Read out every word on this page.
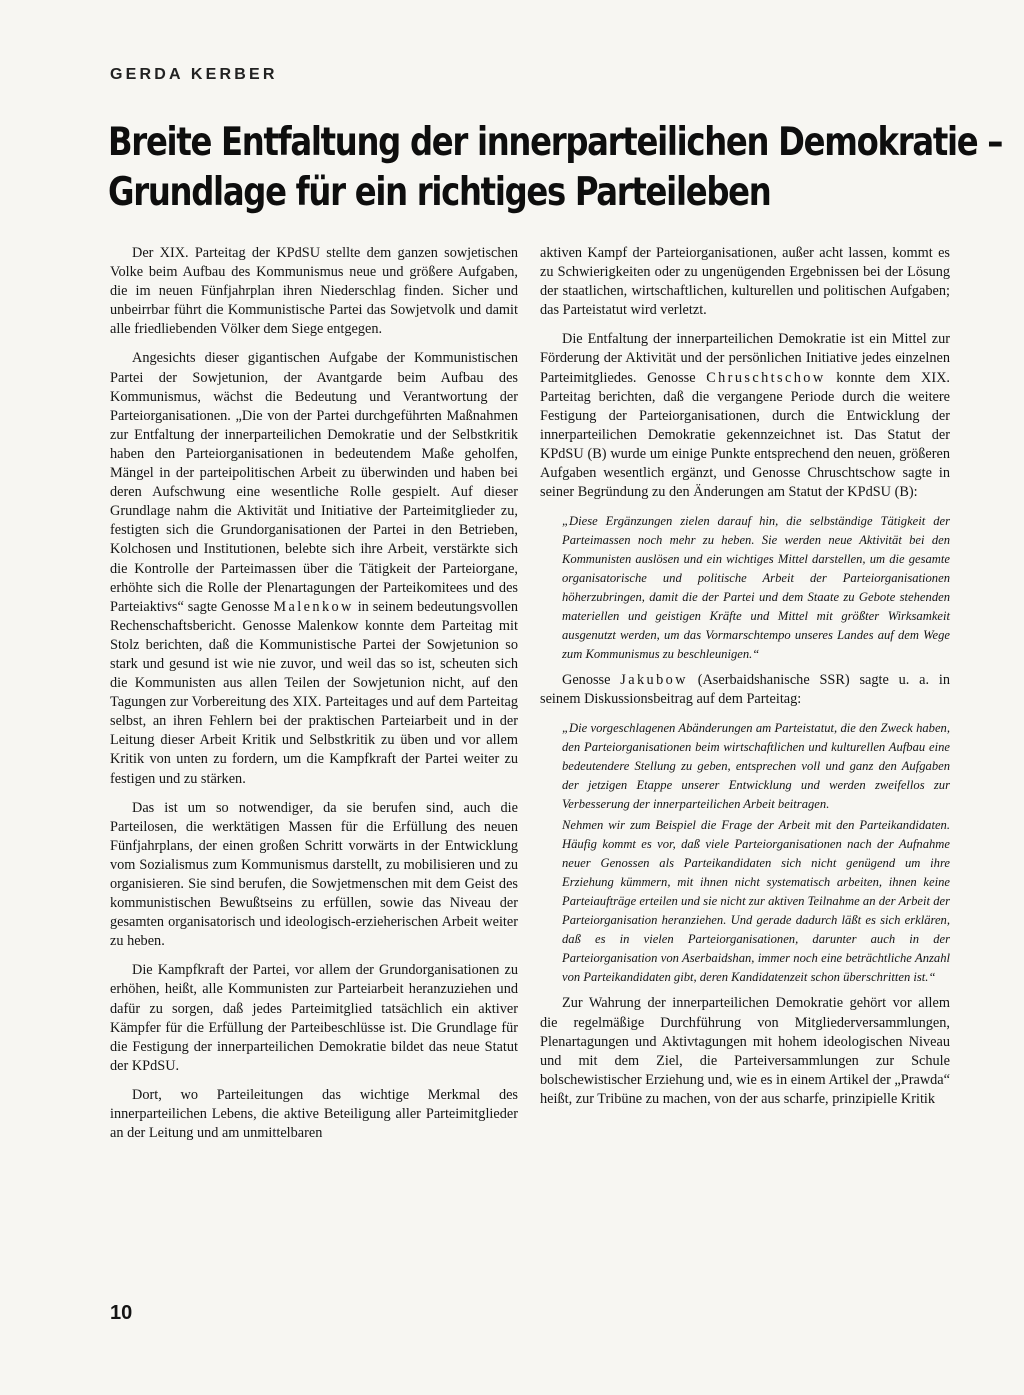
GERDA KERBER
Breite Entfaltung der innerparteilichen Demokratie –
Grundlage für ein richtiges Parteileben

Der XIX. Parteitag der KPdSU stellte dem ganzen sowjetischen Volke beim Aufbau des Kommunismus neue und größere Aufgaben, die im neuen Fünfjahrplan ihren Niederschlag finden. Sicher und unbeirrbar führt die Kommunistische Partei das Sowjetvolk und damit alle friedliebenden Völker dem Siege entgegen.

Angesichts dieser gigantischen Aufgabe der Kommunistischen Partei der Sowjetunion, der Avantgarde beim Aufbau des Kommunismus, wächst die Bedeutung und Verantwortung der Parteiorganisationen. „Die von der Partei durchgeführten Maßnahmen zur Entfaltung der innerparteilichen Demokratie und der Selbstkritik haben den Parteiorganisationen in bedeutendem Maße geholfen, Mängel in der parteipolitischen Arbeit zu überwinden und haben bei deren Aufschwung eine wesentliche Rolle gespielt. Auf dieser Grundlage nahm die Aktivität und Initiative der Parteimitglieder zu, festigten sich die Grundorganisationen der Partei in den Betrieben, Kolchosen und Institutionen, belebte sich ihre Arbeit, verstärkte sich die Kontrolle der Parteimassen über die Tätigkeit der Parteiorgane, erhöhte sich die Rolle der Plenartagungen der Parteikomitees und des Parteiaktivs“ sagte Genosse Malenkow in seinem bedeutungsvollen Rechenschaftsbericht. Genosse Malenkow konnte dem Parteitag mit Stolz berichten, daß die Kommunistische Partei der Sowjetunion so stark und gesund ist wie nie zuvor, und weil das so ist, scheuten sich die Kommunisten aus allen Teilen der Sowjetunion nicht, auf den Tagungen zur Vorbereitung des XIX. Parteitages und auf dem Parteitag selbst, an ihren Fehlern bei der praktischen Parteiarbeit und in der Leitung dieser Arbeit Kritik und Selbstkritik zu üben und vor allem Kritik von unten zu fordern, um die Kampfkraft der Partei weiter zu festigen und zu stärken.

Das ist um so notwendiger, da sie berufen sind, auch die Parteilosen, die werktätigen Massen für die Erfüllung des neuen Fünfjahrplans, der einen großen Schritt vorwärts in der Entwicklung vom Sozialismus zum Kommunismus darstellt, zu mobilisieren und zu organisieren. Sie sind berufen, die Sowjetmenschen mit dem Geist des kommunistischen Bewußtseins zu erfüllen, sowie das Niveau der gesamten organisatorisch und ideologisch-erzieherischen Arbeit weiter zu heben.

Die Kampfkraft der Partei, vor allem der Grundorganisationen zu erhöhen, heißt, alle Kommunisten zur Parteiarbeit heranzuziehen und dafür zu sorgen, daß jedes Parteimitglied tatsächlich ein aktiver Kämpfer für die Erfüllung der Parteibeschlüsse ist. Die Grundlage für die Festigung der innerparteilichen Demokratie bildet das neue Statut der KPdSU.

Dort, wo Parteileitungen das wichtige Merkmal des innerparteilichen Lebens, die aktive Beteiligung aller Parteimitglieder an der Leitung und am unmittelbaren

aktiven Kampf der Parteiorganisationen, außer acht lassen, kommt es zu Schwierigkeiten oder zu ungenügenden Ergebnissen bei der Lösung der staatlichen, wirtschaftlichen, kulturellen und politischen Aufgaben; das Parteistatut wird verletzt.

Die Entfaltung der innerparteilichen Demokratie ist ein Mittel zur Förderung der Aktivität und der persönlichen Initiative jedes einzelnen Parteimitgliedes. Genosse Chruschtschow konnte dem XIX. Parteitag berichten, daß die vergangene Periode durch die weitere Festigung der Parteiorganisationen, durch die Entwicklung der innerparteilichen Demokratie gekennzeichnet ist. Das Statut der KPdSU (B) wurde um einige Punkte entsprechend den neuen, größeren Aufgaben wesentlich ergänzt, und Genosse Chruschtschow sagte in seiner Begründung zu den Änderungen am Statut der KPdSU (B):

„Diese Ergänzungen zielen darauf hin, die selbständige Tätigkeit der Parteimassen noch mehr zu heben. Sie werden neue Aktivität bei den Kommunisten auslösen und ein wichtiges Mittel darstellen, um die gesamte organisatorische und politische Arbeit der Parteiorganisationen höherzubringen, damit die der Partei und dem Staate zu Gebote stehenden materiellen und geistigen Kräfte und Mittel mit größter Wirksamkeit ausgenutzt werden, um das Vormarschtempo unseres Landes auf dem Wege zum Kommunismus zu beschleunigen.“

Genosse Jakubow (Aserbaidshanische SSR) sagte u. a. in seinem Diskussionsbeitrag auf dem Parteitag:

„Die vorgeschlagenen Abänderungen am Parteistatut, die den Zweck haben, den Parteiorganisationen beim wirtschaftlichen und kulturellen Aufbau eine bedeutendere Stellung zu geben, entsprechen voll und ganz den Aufgaben der jetzigen Etappe unserer Entwicklung und werden zweifellos zur Verbesserung der innerparteilichen Arbeit beitragen.

Nehmen wir zum Beispiel die Frage der Arbeit mit den Parteikandidaten. Häufig kommt es vor, daß viele Parteiorganisationen nach der Aufnahme neuer Genossen als Parteikandidaten sich nicht genügend um ihre Erziehung kümmern, mit ihnen nicht systematisch arbeiten, ihnen keine Parteiaufträge erteilen und sie nicht zur aktiven Teilnahme an der Arbeit der Parteiorganisation heranziehen. Und gerade dadurch läßt es sich erklären, daß es in vielen Parteiorganisationen, darunter auch in der Parteiorganisation von Aserbaidshan, immer noch eine beträchtliche Anzahl von Parteikandidaten gibt, deren Kandidatenzeit schon überschritten ist.“

Zur Wahrung der innerparteilichen Demokratie gehört vor allem die regelmäßige Durchführung von Mitgliederversammlungen, Plenartagungen und Aktivtagungen mit hohem ideologischen Niveau und mit dem Ziel, die Parteiversammlungen zur Schule bolschewistischer Erziehung und, wie es in einem Artikel der „Prawda“ heißt, zur Tribüne zu machen, von der aus scharfe, prinzipielle Kritik

10
